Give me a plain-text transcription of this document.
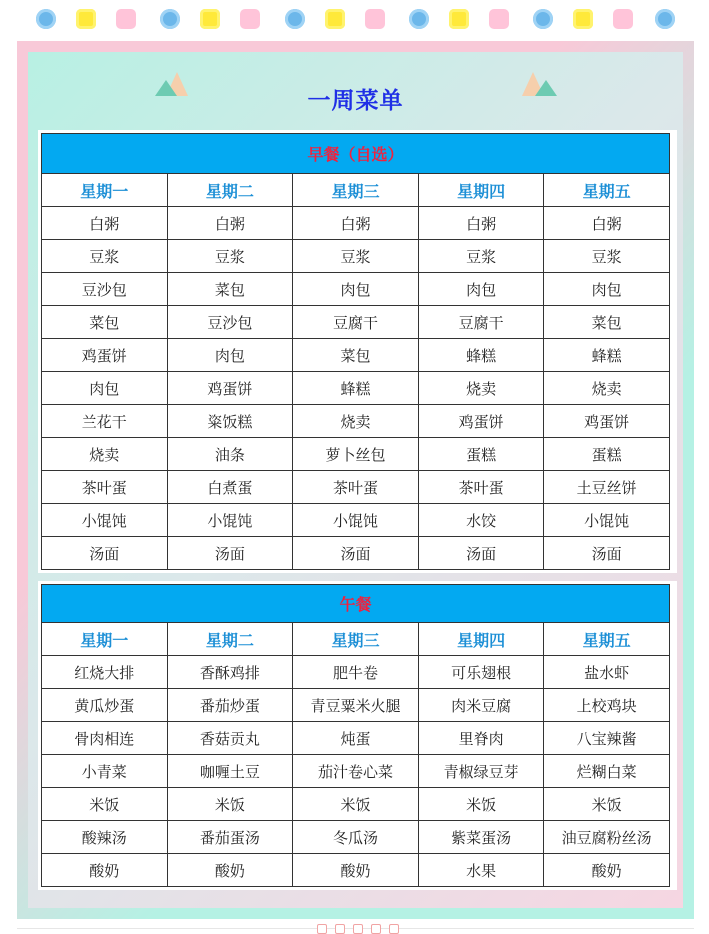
一周菜单
早餐（自选）				
星期一	星期二	星期三	星期四	星期五
白粥	白粥	白粥	白粥	白粥
豆浆	豆浆	豆浆	豆浆	豆浆
豆沙包	菜包	肉包	肉包	肉包
菜包	豆沙包	豆腐干	豆腐干	菜包
鸡蛋饼	肉包	菜包	蜂糕	蜂糕
肉包	鸡蛋饼	蜂糕	烧卖	烧卖
兰花干	粢饭糕	烧卖	鸡蛋饼	鸡蛋饼
烧卖	油条	萝卜丝包	蛋糕	蛋糕
茶叶蛋	白煮蛋	茶叶蛋	茶叶蛋	土豆丝饼
小馄饨	小馄饨	小馄饨	水饺	小馄饨
汤面	汤面	汤面	汤面	汤面
午餐				
星期一	星期二	星期三	星期四	星期五
红烧大排	香酥鸡排	肥牛卷	可乐翅根	盐水虾
黄瓜炒蛋	番茄炒蛋	青豆粟米火腿	肉米豆腐	上校鸡块
骨肉相连	香菇贡丸	炖蛋	里脊肉	八宝辣酱
小青菜	咖喱土豆	茄汁卷心菜	青椒绿豆芽	烂糊白菜
米饭	米饭	米饭	米饭	米饭
酸辣汤	番茄蛋汤	冬瓜汤	紫菜蛋汤	油豆腐粉丝汤
酸奶	酸奶	酸奶	水果	酸奶
